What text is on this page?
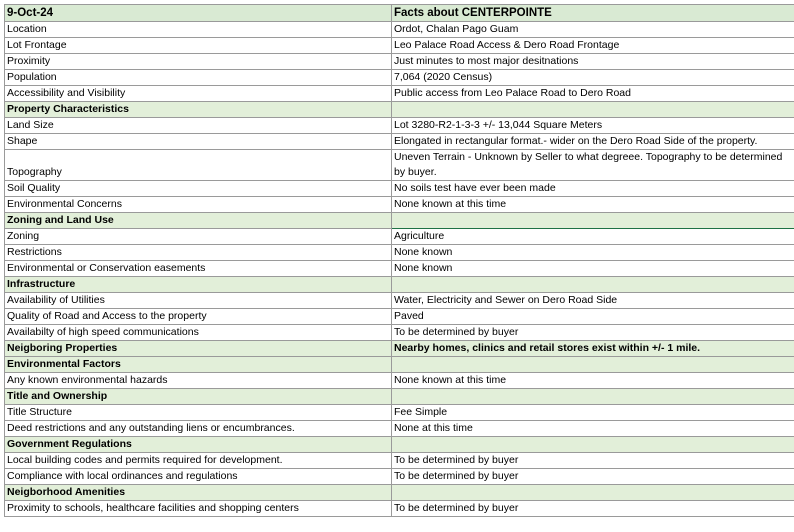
9-Oct-24	Facts about CENTERPOINTE
Location	Ordot, Chalan Pago Guam
Lot Frontage	Leo Palace Road Access & Dero Road Frontage
Proximity	Just minutes to most major desitnations
Population	7,064 (2020 Census)
Accessibility and Visibility	Public access from Leo Palace Road to Dero Road
Property Characteristics	
Land Size	Lot 3280-R2-1-3-3 +/- 13,044 Square Meters
Shape	Elongated in rectangular format.- wider on the Dero Road Side of the property.
Topography	Uneven Terrain - Unknown by Seller to what degreee. Topography to be determined by buyer.
Soil Quality	No soils test have ever been made
Environmental Concerns	None known at this time
Zoning and Land Use	
Zoning	Agriculture
Restrictions	None known
Environmental or Conservation easements	None known
Infrastructure	
Availability of Utilities	Water, Electricity and Sewer on Dero Road Side
Quality of Road and Access to the property	Paved
Availabilty of high speed communications	To be determined by buyer
Neigboring Properties	Nearby homes, clinics and retail stores exist within +/- 1 mile.
Environmental Factors	
Any known environmental hazards	None known at this time
Title and Ownership	
Title Structure	Fee Simple
Deed restrictions and any outstanding liens or encumbrances.	None at this time
Government Regulations	
Local building codes and permits required for development.	To be determined by buyer
Compliance with local ordinances and regulations	To be determined by buyer
Neigborhood Amenities	
Proximity to schools, healthcare facilities and shopping centers	To be determined by buyer
